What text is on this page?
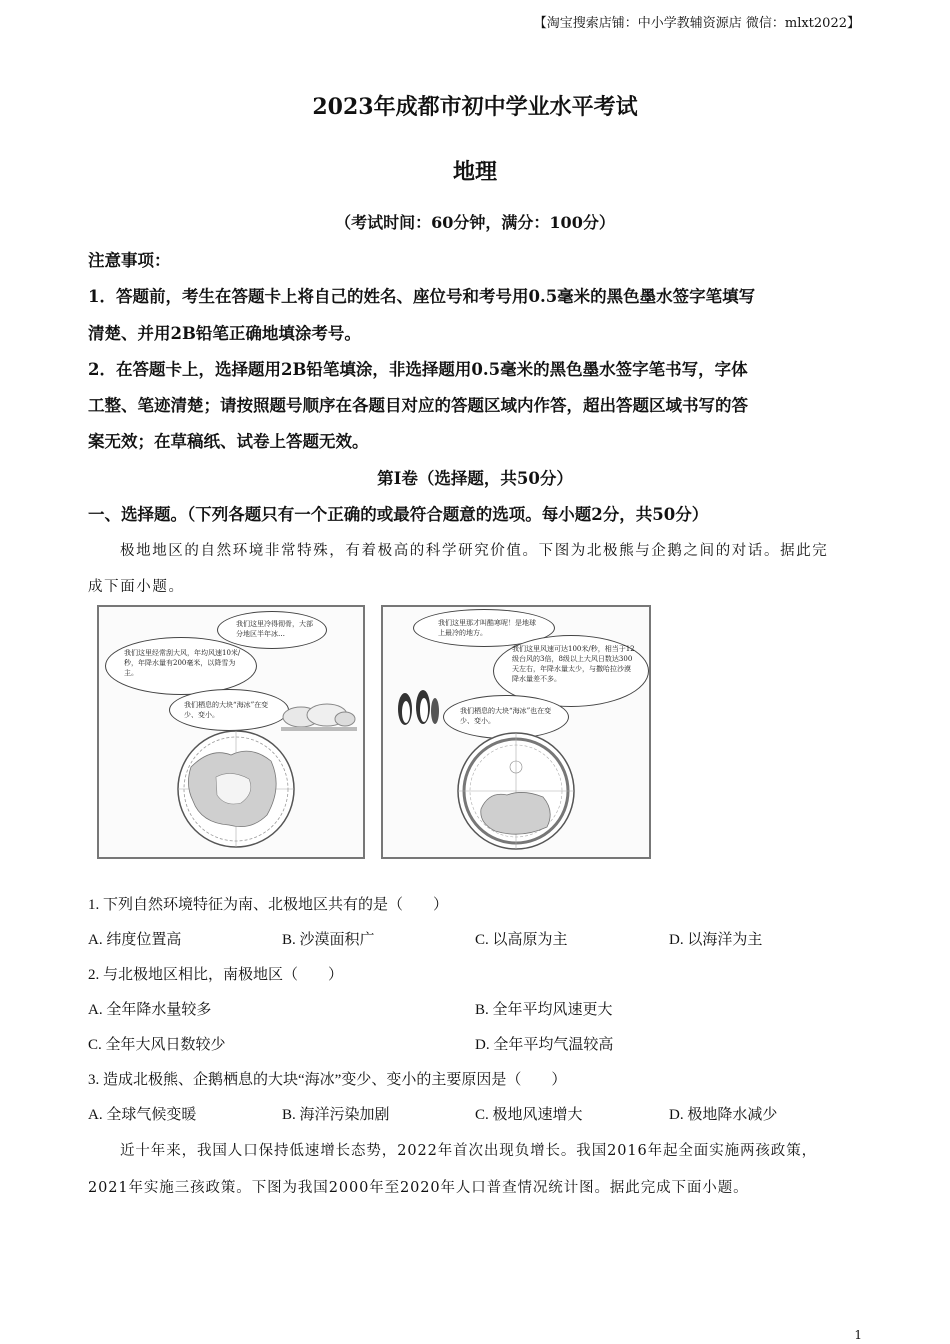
【淘宝搜索店铺：中小学教辅资源店 微信：mlxt2022】
2023年成都市初中学业水平考试
地理
（考试时间：60分钟，满分：100分）
注意事项：
1．答题前，考生在答题卡上将自己的姓名、座位号和考号用0.5毫米的黑色墨水签字笔填写
清楚、并用2B铅笔正确地填涂考号。
2．在答题卡上，选择题用2B铅笔填涂，非选择题用0.5毫米的黑色墨水签字笔书写，字体
工整、笔迹清楚；请按照题号顺序在各题目对应的答题区域内作答，超出答题区域书写的答
案无效；在草稿纸、试卷上答题无效。
第Ⅰ卷（选择题，共50分）
一、选择题。（下列各题只有一个正确的或最符合题意的选项。每小题2分，共50分）
极地地区的自然环境非常特殊，有着极高的科学研究价值。下图为北极熊与企鹅之间的对话。据此完
成下面小题。
我们这里冷得彻骨，大部分地区半年冰…
我们这里经常刮大风，年均风速10米/秒，年降水量有200毫米，以降雪为主。
我们栖息的大块“海冰”在变少、变小。
我们这里那才叫酷寒呢！是地球上最冷的地方。
我们这里风速可达100米/秒，相当于12级台风的3倍，8级以上大风日数达300天左右，年降水量太少，与撒哈拉沙漠降水量差不多。
我们栖息的大块“海冰”也在变少、变小。
1. 下列自然环境特征为南、北极地区共有的是（　　）
A. 纬度位置高	B. 沙漠面积广	C. 以高原为主	D. 以海洋为主
2. 与北极地区相比，南极地区（　　）
A. 全年降水量较多	B. 全年平均风速更大
C. 全年大风日数较少	D. 全年平均气温较高
3. 造成北极熊、企鹅栖息的大块“海冰”变少、变小的主要原因是（　　）
A. 全球气候变暖	B. 海洋污染加剧	C. 极地风速增大	D. 极地降水减少
近十年来，我国人口保持低速增长态势，2022年首次出现负增长。我国2016年起全面实施两孩政策，
2021年实施三孩政策。下图为我国2000年至2020年人口普查情况统计图。据此完成下面小题。
1
